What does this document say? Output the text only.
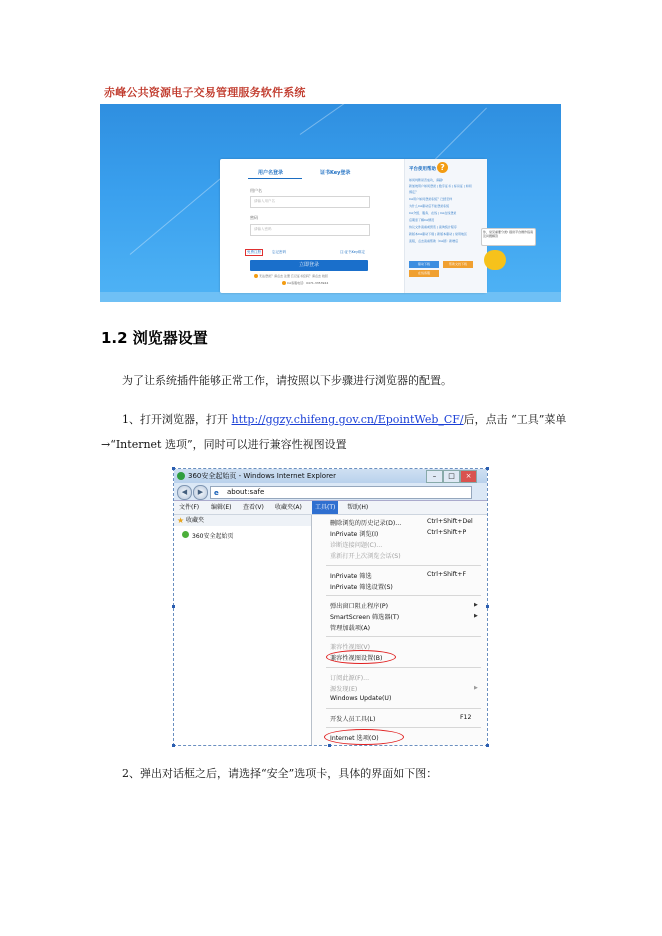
赤峰公共资源电子交易管理服务软件系统
用户名登录	证书Key登录
用户名
请输入用户名
密码
请输入密码
免费注册	忘记密码	注:证书Key绑定
立即登录
无法登录？请点击 注册 忘记证书密码？请点击 找回
CA客服电话：0471-3353944
平台使用帮助 ?
如何判断是否成功，请戳!
新加坡用户如何登录 | 数字证书 | 标识证 | 如何
绑定？
CA用户如何登录系统？已经怎样
为什么CA驱动后不能登录系统
CA介绍、服务、在线 | CA在线登录
后期需了解CA情况
协议文件查看或预览 | 查询统计程序
新版本CA驱动下载 | 新版本驱动 | 常用地区
流程，点击查看帮助（CA锁）新增后
驱动下载	帮助文档下载
在线客服
你，常见重要分类! 提供平台操作指南及问题解答
1.2 浏览器设置
为了让系统插件能够正常工作，请按照以下步骤进行浏览器的配置。
1、打开浏览器，打开 http://ggzy.chifeng.gov.cn/EpointWeb_CF/后，点击 “工具”菜单
→“Internet 选项”，同时可以进行兼容性视图设置
360安全起始页 - Windows Internet Explorer	–	□	×
◀	▶	e about:safe
文件(F)	编辑(E)	查看(V)	收藏夹(A)	工具(T)	帮助(H)
★ 收藏夹
360安全起始页
删除浏览的历史记录(D)...	Ctrl+Shift+Del
InPrivate 浏览(I)	Ctrl+Shift+P
诊断连接问题(C)...
重新打开上次浏览会话(S)
InPrivate 筛选	Ctrl+Shift+F
InPrivate 筛选设置(S)
弹出窗口阻止程序(P)	▶
SmartScreen 筛选器(T)	▶
管理加载项(A)
兼容性视图(V)
兼容性视图设置(B)
订阅此源(F)...
源发现(E)	▶
Windows Update(U)
开发人员工具(L)	F12
Internet 选项(O)
2、弹出对话框之后，请选择“安全”选项卡，具体的界面如下图：
